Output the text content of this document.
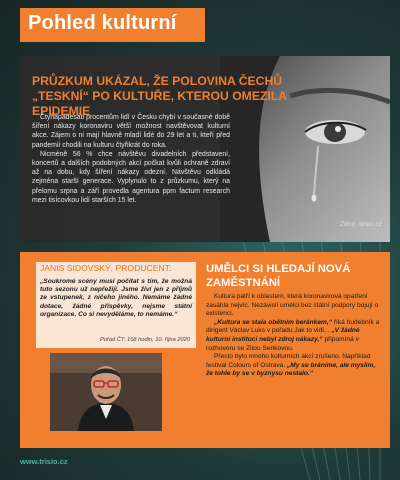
Pohled kulturní
PRŮZKUM UKÁZAL, ŽE POLOVINA ČECHŮ „TESKNÍ“ PO KULTUŘE, KTEROU OMEZILA EPIDEMIE

Čtyřiapadesáti procentům lidí v Česku chybí v současné době šíření nákazy koronaviru větší možnost navštěvovat kulturní akce. Zájem o ni mají hlavně mladí lidé do 29 let a ti, kteří před pandemií chodili na kulturu čtyřikrát do roka.

Nicméně 56 % chce návštěvu divadelních představení, koncertů a dalších podobných akcí počkat kvůli ochraně zdraví až na dobu, kdy šíření nákazy odezní. Návštěvu odkládá zejména starší generace. Vyplynulo to z průzkumu, který na přelomu srpna a září provedla agentura ppm factum research mezi tisícovkou lidí starších 15 let.

Zdroj: idnes.cz
JANIS SIDOVSKÝ, PRODUCENT:
„Soukromé scény musí počítat s tím, že možná tuto sezonu už nepřežijí. Jsme živí jen z příjmů ze vstupenek, z ničeho jiného. Nemáme žádné dotace, žádné příspěvky, nejsme státní organizace. Co si nevyděláme, to nemáme.“
Pořad ČT: 168 hodin, 10. října 2020
UMĚLCI SI HLEDAJÍ NOVÁ ZAMĚSTNÁNÍ

Kultura patří k oblastem, která koronavirová opatření zasáhla nejvíc. Nezávislí umělci bez státní podpory bojují o existenci.

„Kultura se stala obětním beránkem,“ říká hudebník a dirigent Václav Luks v pořadu Jak to vidí... „V žádné kulturní instituci nebyl zdroj nákazy,“ připomíná v rozhovoru se Zitou Senkovou.

Přesto bylo mnoho kulturních akcí zrušeno. Například festival Colours of Ostrava. „My se bráníme, ale myslím, že tohle by se v byznysu nestalo.“

www.trisio.cz
